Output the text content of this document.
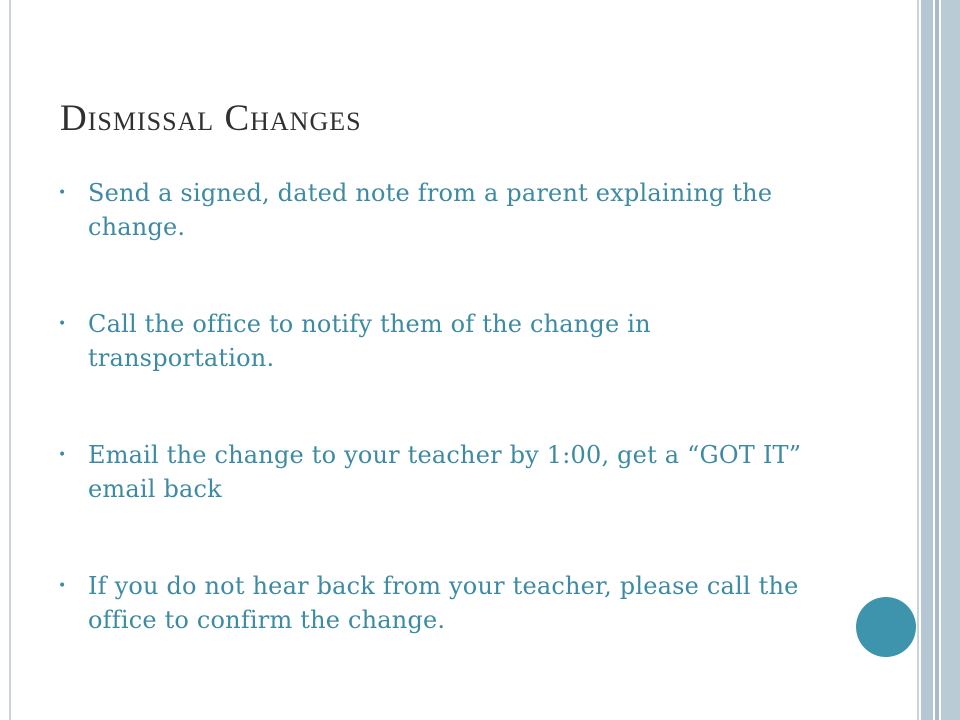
Dismissal Changes
• Send a signed, dated note from a parent explaining the change.
• Call the office to notify them of the change in transportation.
• Email the change to your teacher by 1:00, get a “GOT IT” email back
• If you do not hear back from your teacher, please call the office to confirm the change.
